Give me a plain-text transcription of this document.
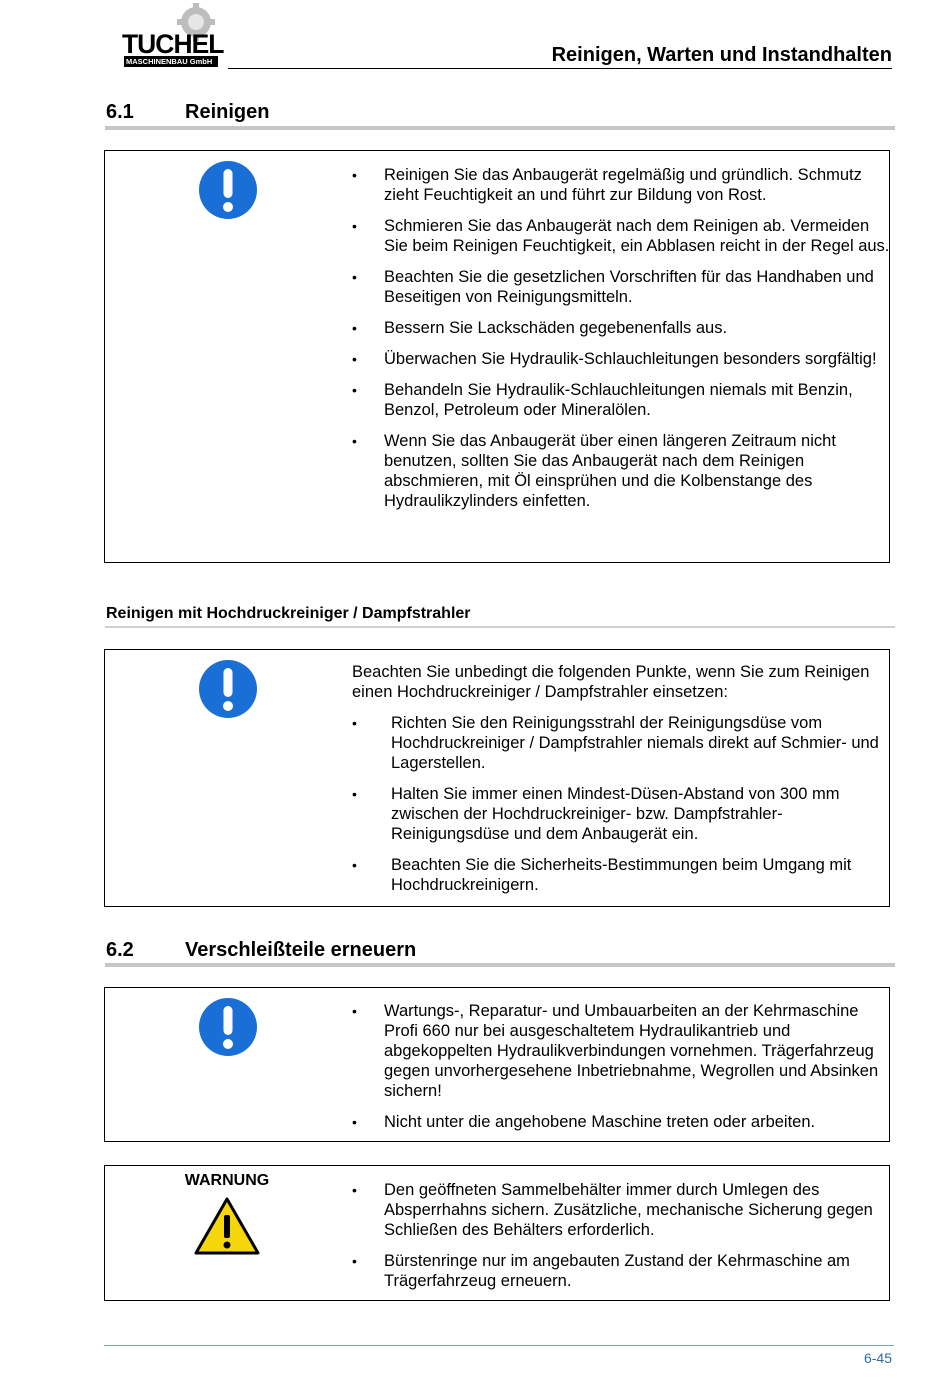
TUCHEL
MASCHINENBAU GmbH	Reinigen, Warten und Instandhalten
6.1	Reinigen
•
Reinigen Sie das Anbaugerät regelmäßig und gründlich. Schmutz zieht Feuchtigkeit an und führt zur Bildung von Rost.
•
Schmieren Sie das Anbaugerät nach dem Reinigen ab. Vermeiden Sie beim Reinigen Feuchtigkeit, ein Abblasen reicht in der Regel aus.
•
Beachten Sie die gesetzlichen Vorschriften für das Handhaben und Beseitigen von Reinigungsmitteln.
•
Bessern Sie Lackschäden gegebenenfalls aus.
•
Überwachen Sie Hydraulik-Schlauchleitungen besonders sorgfältig!
•
Behandeln Sie Hydraulik-Schlauchleitungen niemals mit Benzin, Benzol, Petroleum oder Mineralölen.
•
Wenn Sie das Anbaugerät über einen längeren Zeitraum nicht benutzen, sollten Sie das Anbaugerät nach dem Reinigen abschmieren, mit Öl einsprühen und die Kolbenstange des Hydraulikzylinders einfetten.
Reinigen mit Hochdruckreiniger / Dampfstrahler

Beachten Sie unbedingt die folgenden Punkte, wenn Sie zum Reinigen einen Hochdruckreiniger / Dampfstrahler einsetzen:

•
Richten Sie den Reinigungsstrahl der Reinigungsdüse vom Hochdruckreiniger / Dampfstrahler niemals direkt auf Schmier- und Lagerstellen.
•
Halten Sie immer einen Mindest-Düsen-Abstand von 300 mm zwischen der Hochdruckreiniger- bzw. Dampfstrahler-Reinigungsdüse und dem Anbaugerät ein.
•
Beachten Sie die Sicherheits-Bestimmungen beim Umgang mit Hochdruckreinigern.
6.2	Verschleißteile erneuern
•
Wartungs-, Reparatur- und Umbauarbeiten an der Kehrmaschine Profi 660 nur bei ausgeschaltetem Hydraulikantrieb und abgekoppelten Hydraulikverbindungen vornehmen. Trägerfahrzeug gegen unvorhergesehene Inbetriebnahme, Wegrollen und Absinken sichern!
•
Nicht unter die angehobene Maschine treten oder arbeiten.
WARNUNG
•
Den geöffneten Sammelbehälter immer durch Umlegen des Absperrhahns sichern. Zusätzliche, mechanische Sicherung gegen Schließen des Behälters erforderlich.
•
Bürstenringe nur im angebauten Zustand der Kehrmaschine am Trägerfahrzeug erneuern.
6-45
